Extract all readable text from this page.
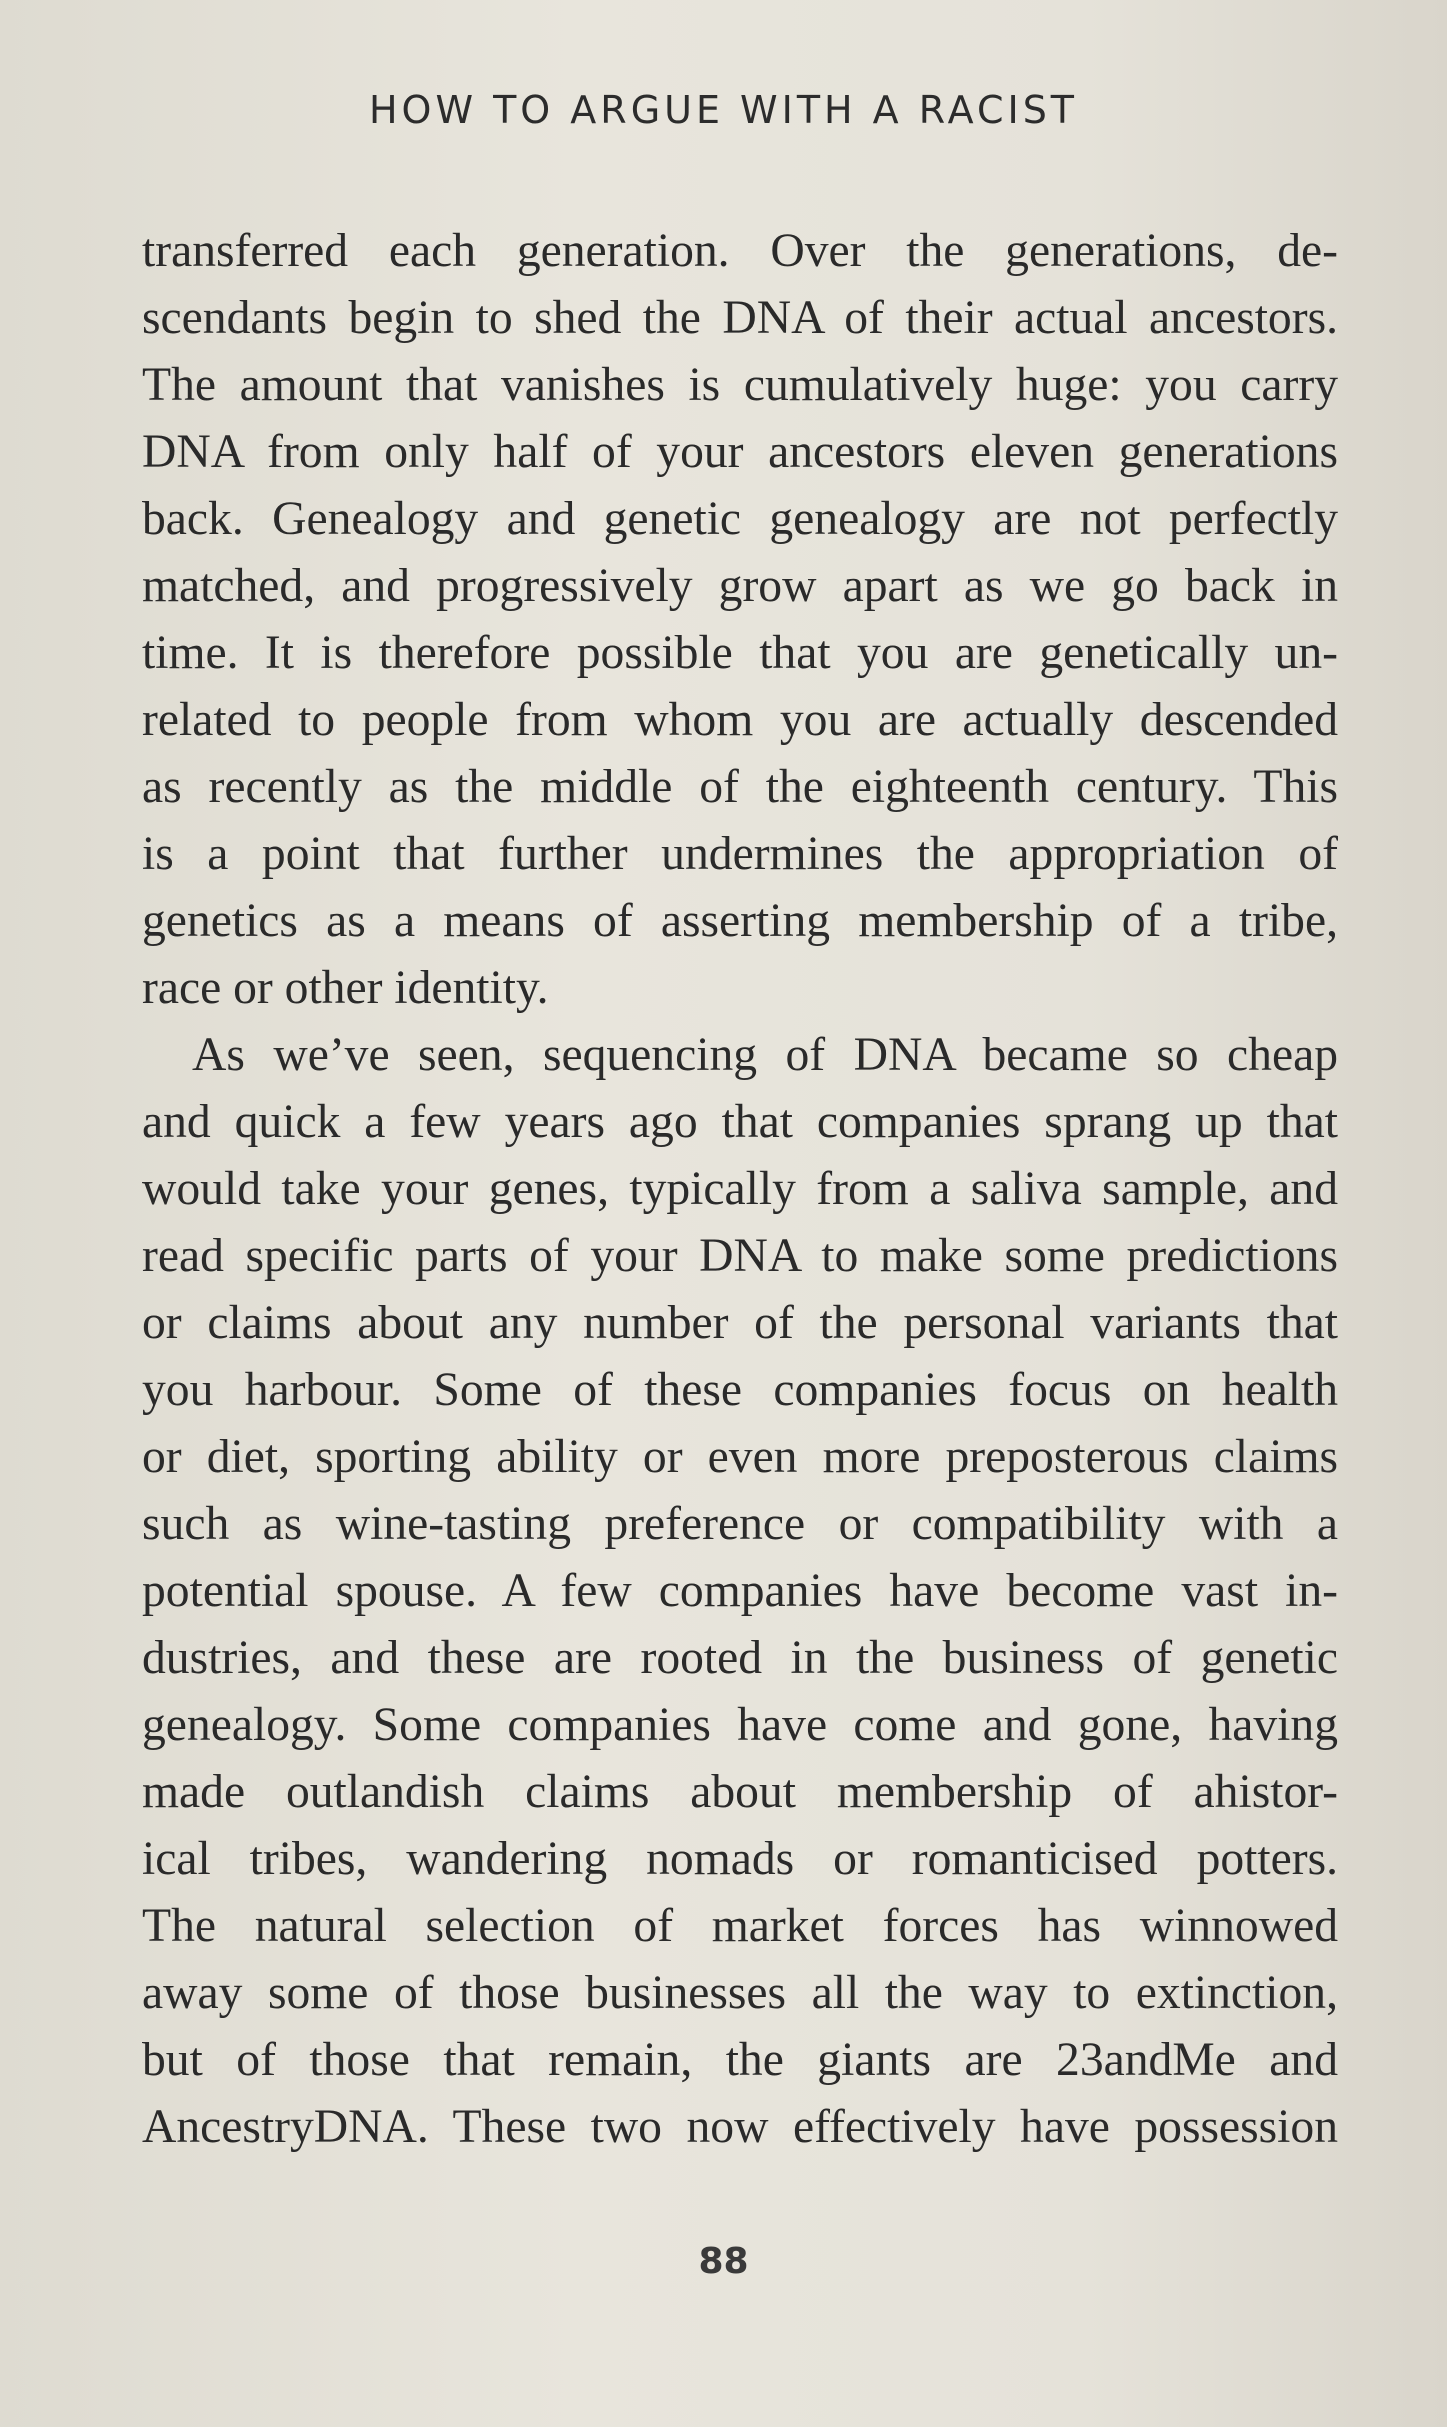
HOW TO ARGUE WITH A RACIST
transferred each generation. Over the generations, de-
scendants begin to shed the DNA of their actual ancestors.
The amount that vanishes is cumulatively huge: you carry
DNA from only half of your ancestors eleven generations
back. Genealogy and genetic genealogy are not perfectly
matched, and progressively grow apart as we go back in
time. It is therefore possible that you are genetically un-
related to people from whom you are actually descended
as recently as the middle of the eighteenth century. This
is a point that further undermines the appropriation of
genetics as a means of asserting membership of a tribe,
race or other identity.
As we’ve seen, sequencing of DNA became so cheap
and quick a few years ago that companies sprang up that
would take your genes, typically from a saliva sample, and
read specific parts of your DNA to make some predictions
or claims about any number of the personal variants that
you harbour. Some of these companies focus on health
or diet, sporting ability or even more preposterous claims
such as wine-tasting preference or compatibility with a
potential spouse. A few companies have become vast in-
dustries, and these are rooted in the business of genetic
genealogy. Some companies have come and gone, having
made outlandish claims about membership of ahistor-
ical tribes, wandering nomads or romanticised potters.
The natural selection of market forces has winnowed
away some of those businesses all the way to extinction,
but of those that remain, the giants are 23andMe and
AncestryDNA. These two now effectively have possession
88
